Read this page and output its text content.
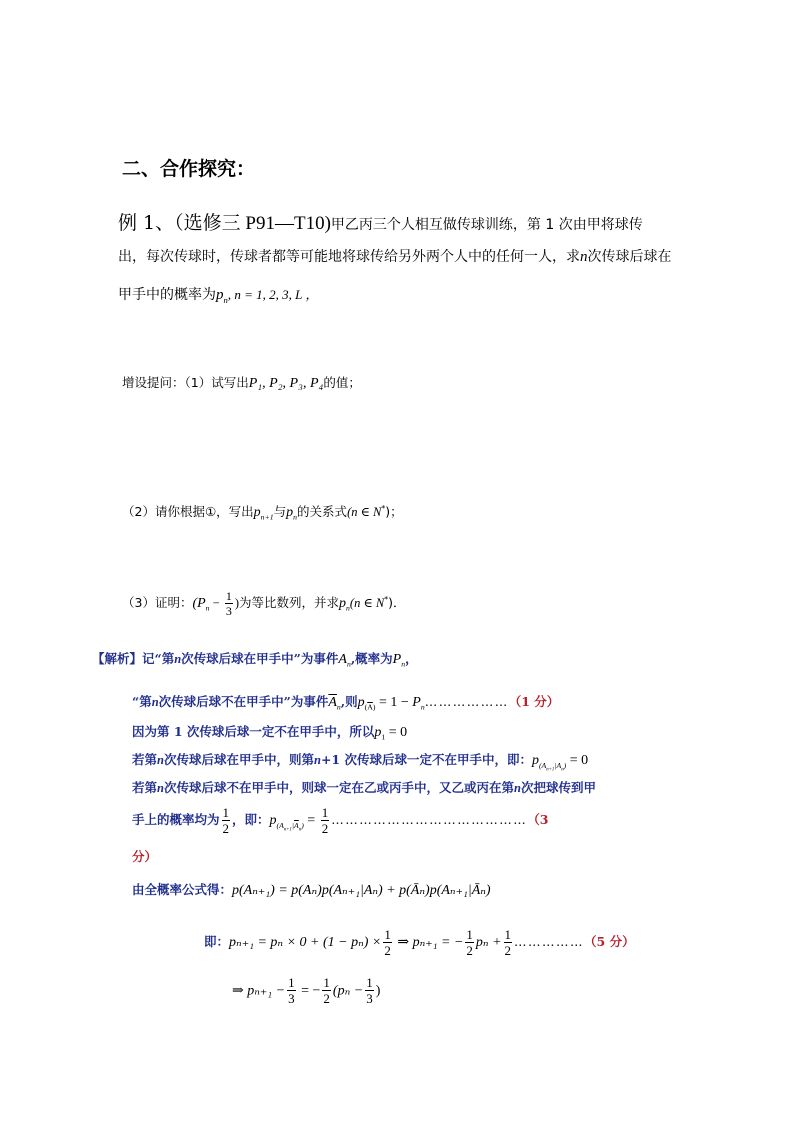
二、合作探究：
例 1、（选修三 P91—T10)甲乙丙三个人相互做传球训练，第 1 次由甲将球传
出，每次传球时，传球者都等可能地将球传给另外两个人中的任何一人，求n次传球后球在
甲手中的概率为$p_n$, n = 1, 2, 3, L ，
增设提问：（1）试写出P₁, P₂, P₃, P₄的值；
（2）请你根据①，写出$p_{n+1}$与$p_n$的关系式(n ∈ N*)；
（3）证明：($P_n - \frac{1}{3}$ )为等比数列，并求$p_n(n$ ∈ N*)．
【解析】记“第n次传球后球在甲手中”为事件$A_n$,概率为$P_n$，
“第n次传球后球不在甲手中”为事件$\overline{A}_n$,则$p_{(\overline{A})} = 1$ − $P_n\dots\dots\dots\dots\dots\dots(1$ 分）
因为第 1 次传球后球一定不在甲手中，所以$p_1 = 0$
若第n次传球后球在甲手中，则第n+1 次传球后球一定不在甲手中，即：$p_{(A_{n+1}|A_n)} = 0$
若第n次传球后球不在甲手中，则球一定在乙或丙手中，又乙或丙在第n次把球传到甲
手上的概率均为 $\frac{1}{2}$ ，即：$p_{(A_{n+1}|\overline{A}_n)} = \frac{1}{2}$ ……………………………………（3
分）
由全概率公式得：p(Aₙ₊₁) = p(Aₙ)p(Aₙ₊₁|Aₙ) + p(Āₙ)p(Aₙ₊₁|Āₙ)
即：$p_{n+1} = p_n \times 0 + (1 - p_n) \times \frac{1}{2}$ ⇒ pₙ₊₁ = − $\frac{1}{2}$ $p_n + \frac{1}{2}$ ……………（5 分）
⇒ $p_{n+1} - \frac{1}{3}$ = − $\frac{1}{2} (p_n - \frac{1}{3}$ )
